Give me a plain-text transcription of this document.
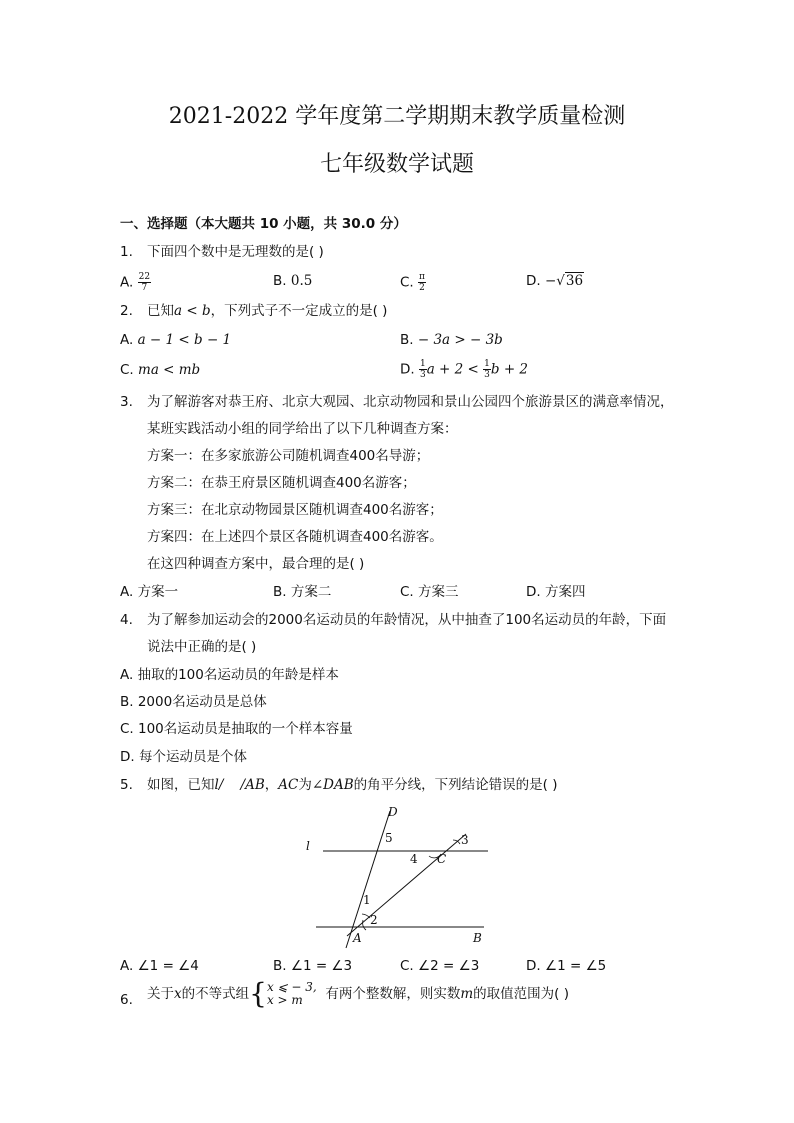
2021-2022 学年度第二学期期末教学质量检测
七年级数学试题
一、选择题（本大题共 10 小题，共 30.0 分）
1. 下面四个数中是无理数的是( )
A. $\frac{22}{7}$	B. 0.5	C. $\frac{\pi}{2}$	D. −√36
2. 已知a < b，下列式子不一定成立的是( )
A. a − 1 < b − 1	B. − 3a > − 3b
C. ma < mb	D. $\frac{1}{3}$ $a + 2 < \frac{1}{3}$ b + 2
3. 为了解游客对恭王府、北京大观园、北京动物园和景山公园四个旅游景区的满意率情况，
某班实践活动小组的同学给出了以下几种调查方案：
方案一：在多家旅游公司随机调查400名导游；
方案二：在恭王府景区随机调查400名游客；
方案三：在北京动物园景区随机调查400名游客；
方案四：在上述四个景区各随机调查400名游客。
在这四种调查方案中，最合理的是( )
A. 方案一	B. 方案二	C. 方案三	D. 方案四
4. 为了解参加运动会的2000名运动员的年龄情况，从中抽查了100名运动员的年龄，下面
说法中正确的是( )
A. 抽取的100名运动员的年龄是样本
B. 2000名运动员是总体
C. 100名运动员是抽取的一个样本容量
D. 每个运动员是个体
5. 如图，已知l/ /AB，AC为∠DAB的角平分线，下列结论错误的是( )
D
l
5	3
4 C
1
2
A	B
A. ∠1 = ∠4	B. ∠1 = ∠3	C. ∠2 = ∠3	D. ∠1 = ∠5
6. 关于x的不等式组{ x ⩽ − 3,
x > m	有两个整数解，则实数m的取值范围为( )
